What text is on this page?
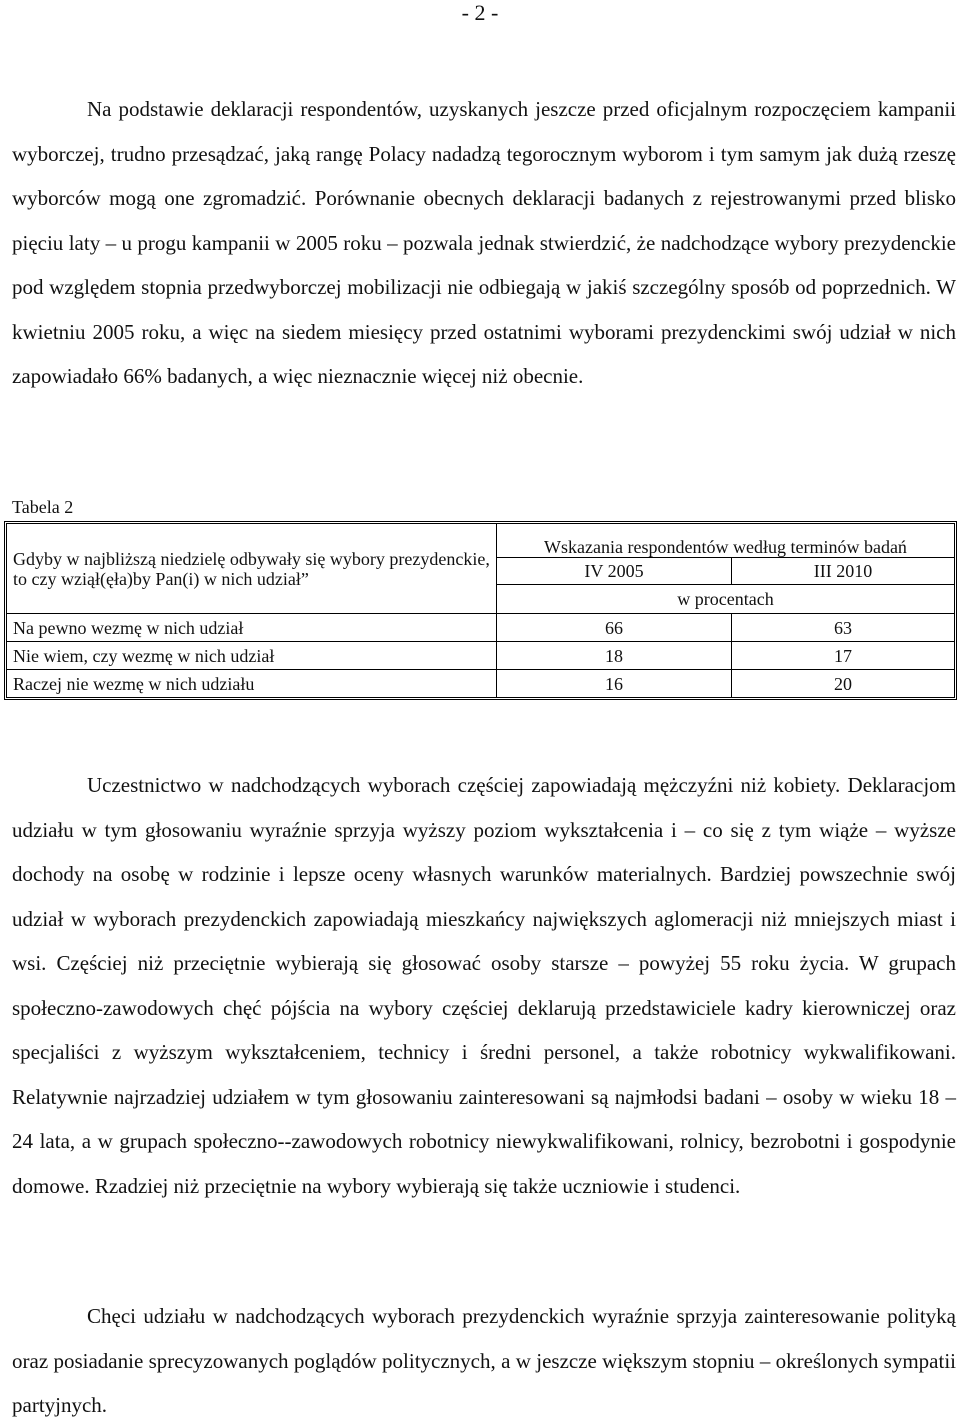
- 2 -

Na podstawie deklaracji respondentów, uzyskanych jeszcze przed oficjalnym rozpoczęciem kampanii wyborczej, trudno przesądzać, jaką rangę Polacy nadadzą tegorocznym wyborom i tym samym jak dużą rzeszę wyborców mogą one zgromadzić. Porównanie obecnych deklaracji badanych z rejestrowanymi przed blisko pięciu laty – u progu kampanii w 2005 roku – pozwala jednak stwierdzić, że nadchodzące wybory prezydenckie pod względem stopnia przedwyborczej mobilizacji nie odbiegają w jakiś szczególny sposób od poprzednich. W kwietniu 2005 roku, a więc na siedem miesięcy przed ostatnimi wyborami prezydenckimi swój udział w nich zapowiadało 66% badanych, a więc nieznacznie więcej niż obecnie.

Tabela 2
Gdyby w najbliższą niedzielę odbywały się wybory prezydenckie, to czy wziął(ęła)by Pan(i) w nich udział”	Wskazania respondentów według terminów badań	
	IV 2005	III 2010
	w procentach	
Na pewno wezmę w nich udział	66	63
Nie wiem, czy wezmę w nich udział	18	17
Raczej nie wezmę w nich udziału	16	20

Uczestnictwo w nadchodzących wyborach częściej zapowiadają mężczyźni niż kobiety. Deklaracjom udziału w tym głosowaniu wyraźnie sprzyja wyższy poziom wykształcenia i – co się z tym wiąże – wyższe dochody na osobę w rodzinie i lepsze oceny własnych warunków materialnych. Bardziej powszechnie swój udział w wyborach prezydenckich zapowiadają mieszkańcy największych aglomeracji niż mniejszych miast i wsi. Częściej niż przeciętnie wybierają się głosować osoby starsze – powyżej 55 roku życia. W grupach społeczno-zawodowych chęć pójścia na wybory częściej deklarują przedstawiciele kadry kierowniczej oraz specjaliści z wyższym wykształceniem, technicy i średni personel, a także robotnicy wykwalifikowani. Relatywnie najrzadziej udziałem w tym głosowaniu zainteresowani są najmłodsi badani – osoby w wieku 18 – 24 lata, a w grupach społeczno--zawodowych robotnicy niewykwalifikowani, rolnicy, bezrobotni i gospodynie domowe. Rzadziej niż przeciętnie na wybory wybierają się także uczniowie i studenci.

Chęci udziału w nadchodzących wyborach prezydenckich wyraźnie sprzyja zainteresowanie polityką oraz posiadanie sprecyzowanych poglądów politycznych, a w jeszcze większym stopniu – określonych sympatii partyjnych.
